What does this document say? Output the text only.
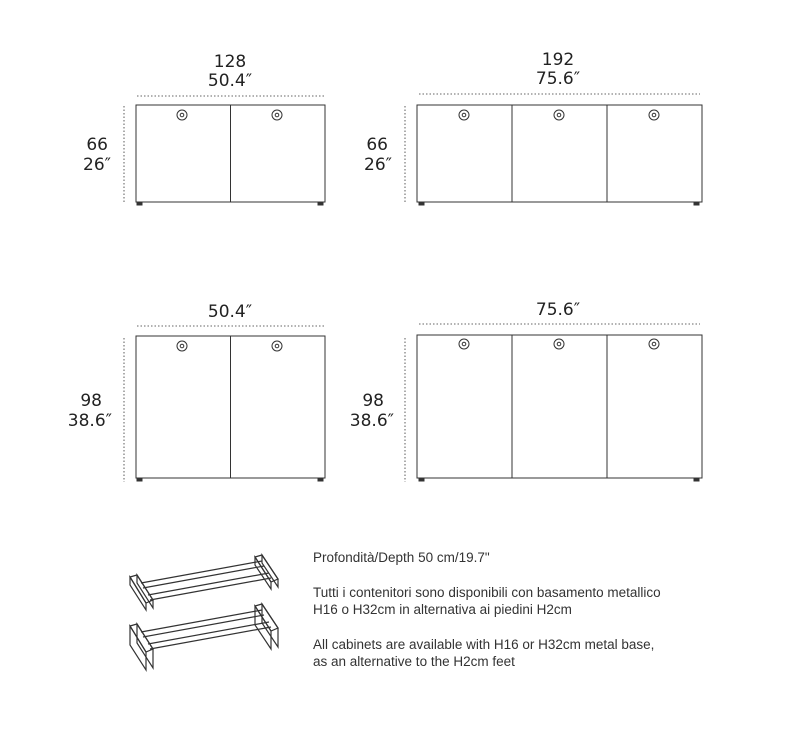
128
50.4″
66
26″
192
75.6″
66
26″
50.4″
98
38.6″
75.6″
98
38.6″
Profondità/Depth 50 cm/19.7"
Tutti i contenitori sono disponibili con basamento metallico
H16 o H32cm in alternativa ai piedini H2cm
All cabinets are available with H16 or H32cm metal base,
as an alternative to the H2cm feet
